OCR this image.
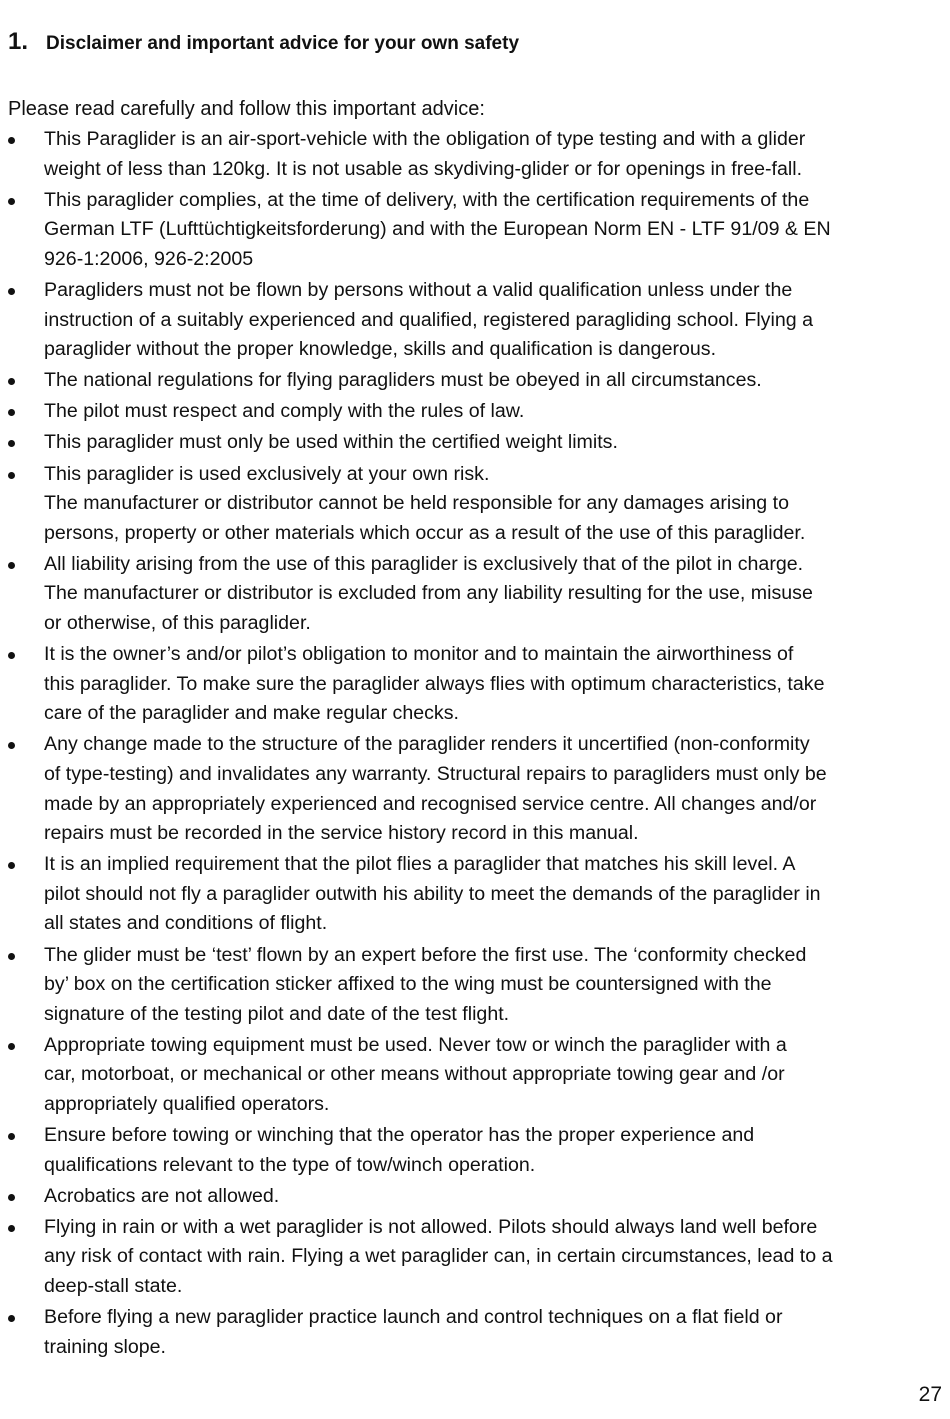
1. Disclaimer and important advice for your own safety
Please read carefully and follow this important advice:
This Paraglider is an air-sport-vehicle with the obligation of type testing and with a glider
weight of less than 120kg. It is not usable as skydiving-glider or for openings in free-fall.
This paraglider complies, at the time of delivery, with the certification requirements of the
German LTF (Lufttüchtigkeitsforderung) and with the European Norm EN - LTF 91/09 & EN
926-1:2006, 926-2:2005
Paragliders must not be flown by persons without a valid qualification unless under the
instruction of a suitably experienced and qualified, registered paragliding school. Flying a
paraglider without the proper knowledge, skills and qualification is dangerous.
The national regulations for flying paragliders must be obeyed in all circumstances.
The pilot must respect and comply with the rules of law.
This paraglider must only be used within the certified weight limits.
This paraglider is used exclusively at your own risk.
The manufacturer or distributor cannot be held responsible for any damages arising to
persons, property or other materials which occur as a result of the use of this paraglider.
All liability arising from the use of this paraglider is exclusively that of the pilot in charge.
The manufacturer or distributor is excluded from any liability resulting for the use, misuse
or otherwise, of this paraglider.
It is the owner’s and/or pilot’s obligation to monitor and to maintain the airworthiness of
this paraglider. To make sure the paraglider always flies with optimum characteristics, take
care of the paraglider and make regular checks.
Any change made to the structure of the paraglider renders it uncertified (non-conformity
of type-testing) and invalidates any warranty. Structural repairs to paragliders must only be
made by an appropriately experienced and recognised service centre. All changes and/or
repairs must be recorded in the service history record in this manual.
It is an implied requirement that the pilot flies a paraglider that matches his skill level. A
pilot should not fly a paraglider outwith his ability to meet the demands of the paraglider in
all states and conditions of flight.
The glider must be ‘test’ flown by an expert before the first use. The ‘conformity checked
by’ box on the certification sticker affixed to the wing must be countersigned with the
signature of the testing pilot and date of the test flight.
Appropriate towing equipment must be used. Never tow or winch the paraglider with a
car, motorboat, or mechanical or other means without appropriate towing gear and /or
appropriately qualified operators.
Ensure before towing or winching that the operator has the proper experience and
qualifications relevant to the type of tow/winch operation.
Acrobatics are not allowed.
Flying in rain or with a wet paraglider is not allowed. Pilots should always land well before
any risk of contact with rain. Flying a wet paraglider can, in certain circumstances, lead to a
deep-stall state.
Before flying a new paraglider practice launch and control techniques on a flat field or
training slope.
27
